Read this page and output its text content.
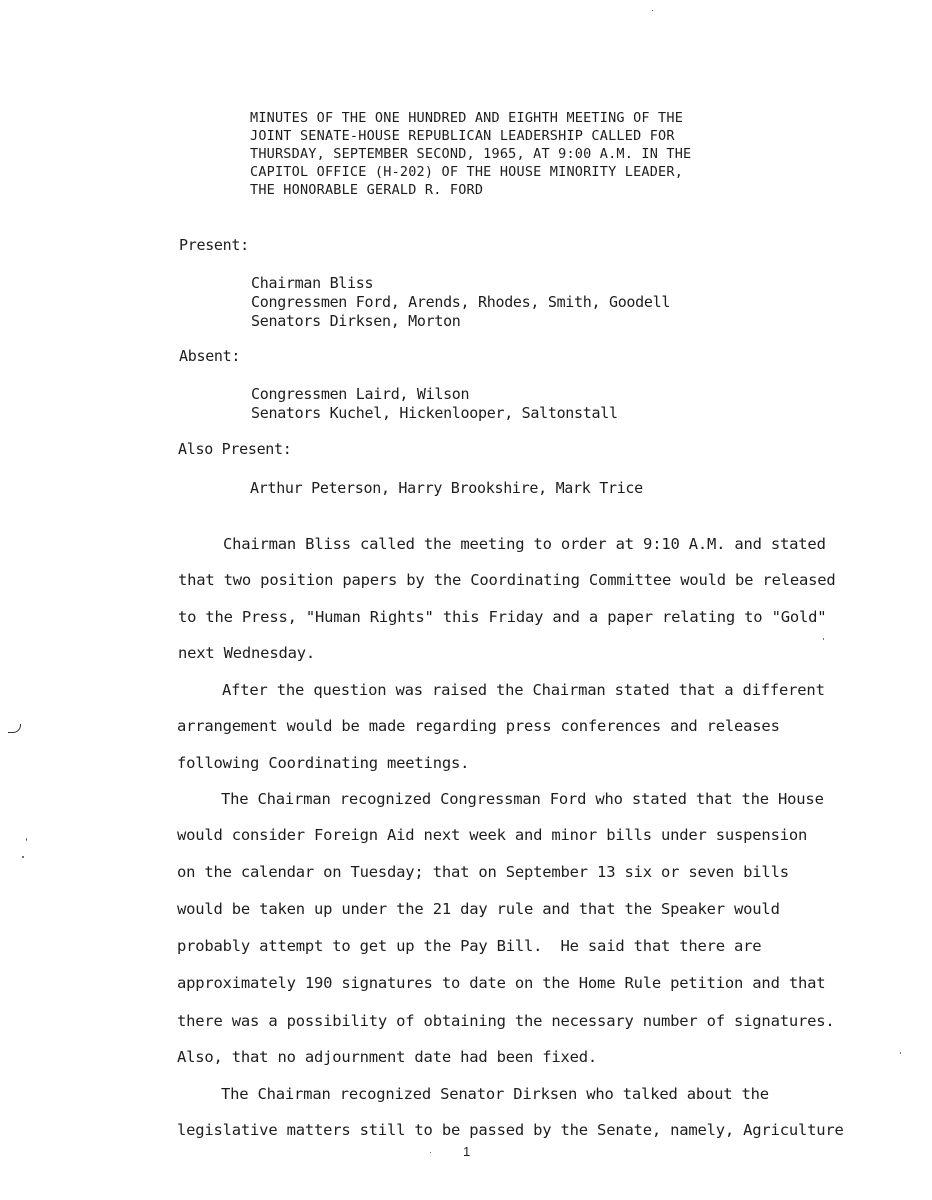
MINUTES OF THE ONE HUNDRED AND EIGHTH MEETING OF THE
JOINT SENATE-HOUSE REPUBLICAN LEADERSHIP CALLED FOR
THURSDAY, SEPTEMBER SECOND, 1965, AT 9:00 A.M. IN THE
CAPITOL OFFICE (H-202) OF THE HOUSE MINORITY LEADER,
THE HONORABLE GERALD R. FORD
Present:
Chairman Bliss
Congressmen Ford, Arends, Rhodes, Smith, Goodell
Senators Dirksen, Morton
Absent:
Congressmen Laird, Wilson
Senators Kuchel, Hickenlooper, Saltonstall
Also Present:
Arthur Peterson, Harry Brookshire, Mark Trice
Chairman Bliss called the meeting to order at 9:10 A.M. and stated
that two position papers by the Coordinating Committee would be released
to the Press, "Human Rights" this Friday and a paper relating to "Gold"
next Wednesday.
After the question was raised the Chairman stated that a different
arrangement would be made regarding press conferences and releases
following Coordinating meetings.
The Chairman recognized Congressman Ford who stated that the House
would consider Foreign Aid next week and minor bills under suspension
on the calendar on Tuesday; that on September 13 six or seven bills
would be taken up under the 21 day rule and that the Speaker would
probably attempt to get up the Pay Bill.  He said that there are
approximately 190 signatures to date on the Home Rule petition and that
there was a possibility of obtaining the necessary number of signatures.
Also, that no adjournment date had been fixed.
The Chairman recognized Senator Dirksen who talked about the
legislative matters still to be passed by the Senate, namely, Agriculture
1
